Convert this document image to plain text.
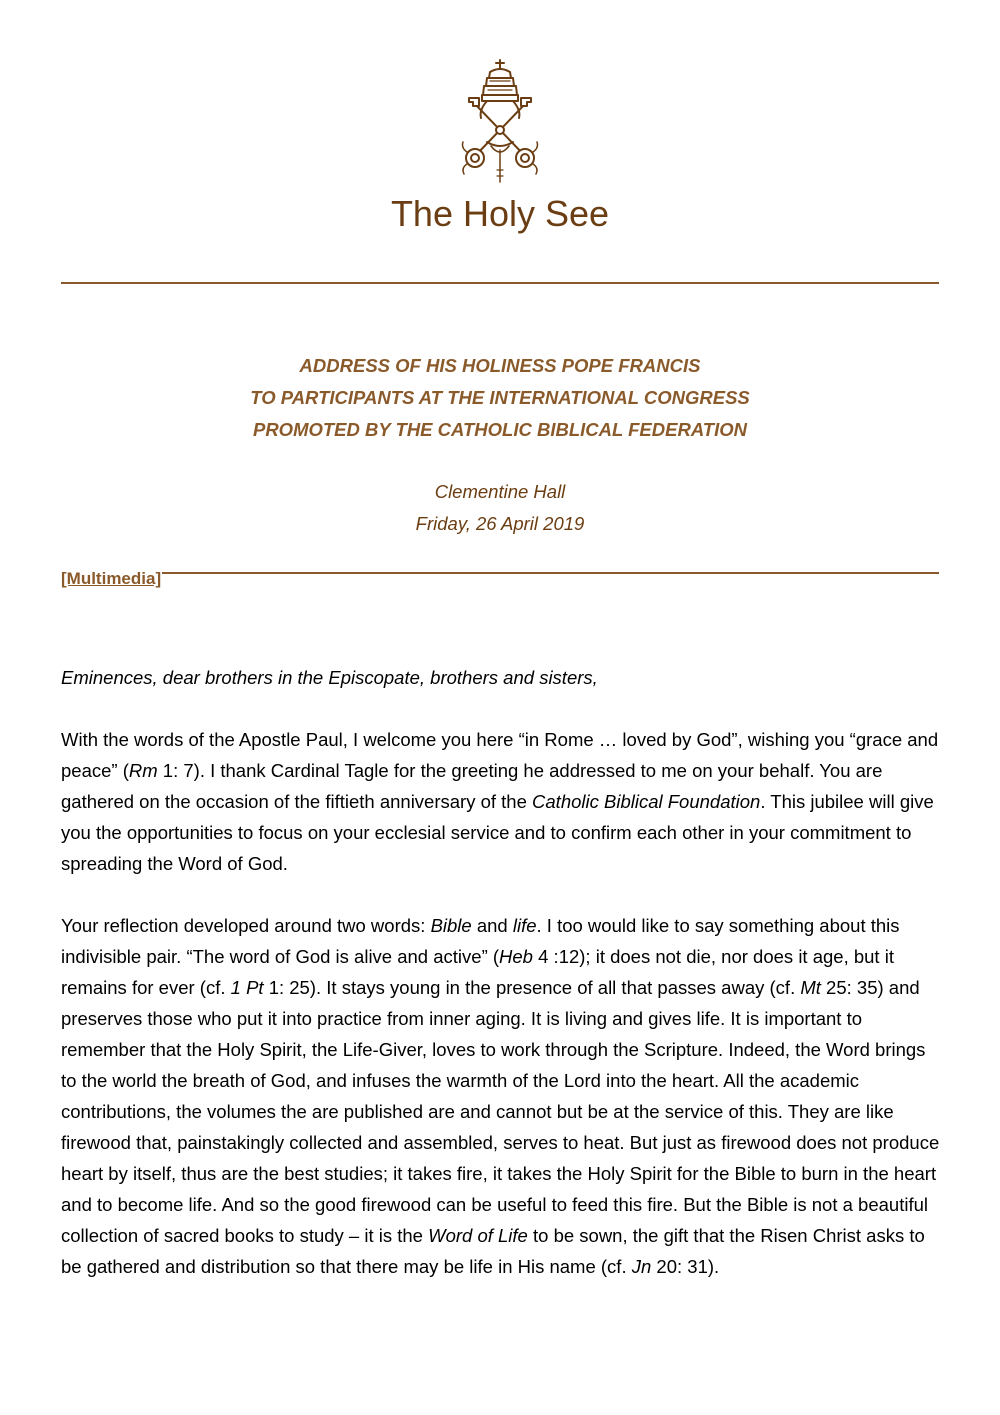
The Holy See
ADDRESS OF HIS HOLINESS POPE FRANCIS
TO PARTICIPANTS AT THE INTERNATIONAL CONGRESS
PROMOTED BY THE CATHOLIC BIBLICAL FEDERATION
Clementine Hall
Friday, 26 April 2019
[Multimedia]

Eminences, dear brothers in the Episcopate, brothers and sisters,

With the words of the Apostle Paul, I welcome you here “in Rome … loved by God”, wishing you “grace and peace” (Rm 1: 7). I thank Cardinal Tagle for the greeting he addressed to me on your behalf. You are gathered on the occasion of the fiftieth anniversary of the Catholic Biblical Foundation. This jubilee will give you the opportunities to focus on your ecclesial service and to confirm each other in your commitment to spreading the Word of God.

Your reflection developed around two words: Bible and life. I too would like to say something about this indivisible pair. “The word of God is alive and active” (Heb 4 :12); it does not die, nor does it age, but it remains for ever (cf. 1 Pt 1: 25). It stays young in the presence of all that passes away (cf. Mt 25: 35) and preserves those who put it into practice from inner aging. It is living and gives life. It is important to remember that the Holy Spirit, the Life-Giver, loves to work through the Scripture. Indeed, the Word brings to the world the breath of God, and infuses the warmth of the Lord into the heart. All the academic contributions, the volumes the are published are and cannot but be at the service of this. They are like firewood that, painstakingly collected and assembled, serves to heat. But just as firewood does not produce heart by itself, thus are the best studies; it takes fire, it takes the Holy Spirit for the Bible to burn in the heart and to become life. And so the good firewood can be useful to feed this fire. But the Bible is not a beautiful collection of sacred books to study – it is the Word of Life to be sown, the gift that the Risen Christ asks to be gathered and distribution so that there may be life in His name (cf. Jn 20: 31).
